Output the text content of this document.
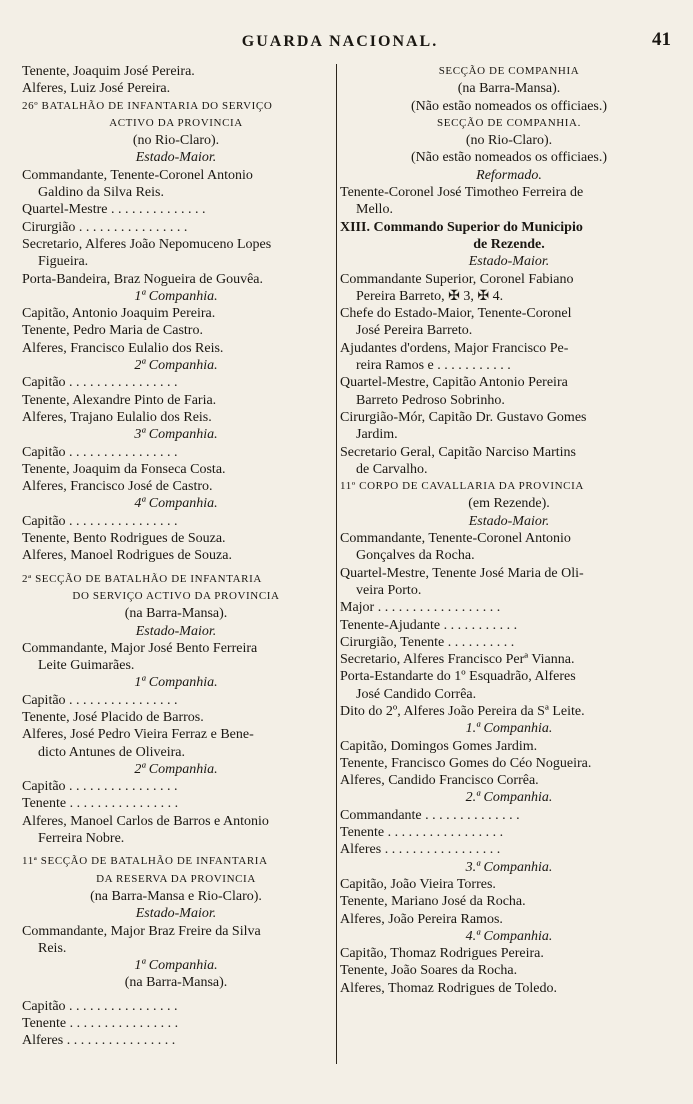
GUARDA NACIONAL.	41
Tenente, Joaquim José Pereira.
Alferes, Luiz José Pereira.
26º BATALHÃO DE INFANTARIA DO SERVIÇO
ACTIVO DA PROVINCIA
(no Rio-Claro).
Estado-Maior.
Commandante, Tenente-Coronel Antonio
Galdino da Silva Reis.
Quartel-Mestre . . . . . . . . . . . . . .
Cirurgião . . . . . . . . . . . . . . . .
Secretario, Alferes João Nepomuceno Lopes
Figueira.
Porta-Bandeira, Braz Nogueira de Gouvêa.
1ª Companhia.
Capitão, Antonio Joaquim Pereira.
Tenente, Pedro Maria de Castro.
Alferes, Francisco Eulalio dos Reis.
2ª Companhia.
Capitão . . . . . . . . . . . . . . . .
Tenente, Alexandre Pinto de Faria.
Alferes, Trajano Eulalio dos Reis.
3ª Companhia.
Capitão . . . . . . . . . . . . . . . .
Tenente, Joaquim da Fonseca Costa.
Alferes, Francisco José de Castro.
4ª Companhia.
Capitão . . . . . . . . . . . . . . . .
Tenente, Bento Rodrigues de Souza.
Alferes, Manoel Rodrigues de Souza.
2ª SECÇÃO DE BATALHÃO DE INFANTARIA
DO SERVIÇO ACTIVO DA PROVINCIA
(na Barra-Mansa).
Estado-Maior.
Commandante, Major José Bento Ferreira
Leite Guimarães.
1ª Companhia.
Capitão . . . . . . . . . . . . . . . .
Tenente, José Placido de Barros.
Alferes, José Pedro Vieira Ferraz e Bene-
dicto Antunes de Oliveira.
2ª Companhia.
Capitão . . . . . . . . . . . . . . . .
Tenente . . . . . . . . . . . . . . . .
Alferes, Manoel Carlos de Barros e Antonio
Ferreira Nobre.
11ª SECÇÃO DE BATALHÃO DE INFANTARIA
DA RESERVA DA PROVINCIA
(na Barra-Mansa e Rio-Claro).
Estado-Maior.
Commandante, Major Braz Freire da Silva
Reis.
1ª Companhia.
(na Barra-Mansa).
Capitão . . . . . . . . . . . . . . . .
Tenente . . . . . . . . . . . . . . . .
Alferes . . . . . . . . . . . . . . . .
SECÇÃO DE COMPANHIA
(na Barra-Mansa).
(Não estão nomeados os officiaes.)
SECÇÃO DE COMPANHIA.
(no Rio-Claro).
(Não estão nomeados os officiaes.)
Reformado.
Tenente-Coronel José Timotheo Ferreira de
Mello.
XIII. Commando Superior do Municipio
de Rezende.
Estado-Maior.
Commandante Superior, Coronel Fabiano
Pereira Barreto, ✠ 3, ✠ 4.
Chefe do Estado-Maior, Tenente-Coronel
José Pereira Barreto.
Ajudantes d'ordens, Major Francisco Pe-
reira Ramos e . . . . . . . . . . .
Quartel-Mestre, Capitão Antonio Pereira
Barreto Pedroso Sobrinho.
Cirurgião-Mór, Capitão Dr. Gustavo Gomes
Jardim.
Secretario Geral, Capitão Narciso Martins
de Carvalho.
11º CORPO DE CAVALLARIA DA PROVINCIA
(em Rezende).
Estado-Maior.
Commandante, Tenente-Coronel Antonio
Gonçalves da Rocha.
Quartel-Mestre, Tenente José Maria de Oli-
veira Porto.
Major . . . . . . . . . . . . . . . . . .
Tenente-Ajudante . . . . . . . . . . .
Cirurgião, Tenente . . . . . . . . . .
Secretario, Alferes Francisco Perª Vianna.
Porta-Estandarte do 1º Esquadrão, Alferes
José Candido Corrêa.
Dito do 2º, Alferes João Pereira da Sª Leite.
1.ª Companhia.
Capitão, Domingos Gomes Jardim.
Tenente, Francisco Gomes do Céo Nogueira.
Alferes, Candido Francisco Corrêa.
2.ª Companhia.
Commandante . . . . . . . . . . . . . .
Tenente . . . . . . . . . . . . . . . . .
Alferes . . . . . . . . . . . . . . . . .
3.ª Companhia.
Capitão, João Vieira Torres.
Tenente, Mariano José da Rocha.
Alferes, João Pereira Ramos.
4.ª Companhia.
Capitão, Thomaz Rodrigues Pereira.
Tenente, João Soares da Rocha.
Alferes, Thomaz Rodrigues de Toledo.
